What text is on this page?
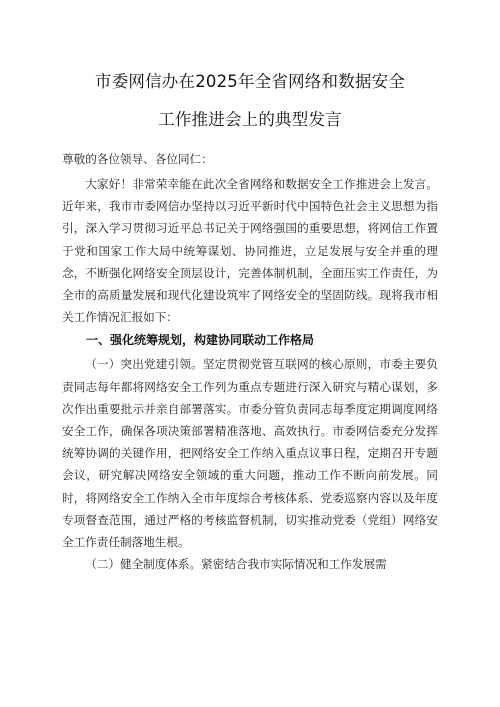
市委网信办在2025年全省网络和数据安全
工作推进会上的典型发言
尊敬的各位领导、各位同仁：

大家好！非常荣幸能在此次全省网络和数据安全工作推进会上发言。近年来，我市市委网信办坚持以习近平新时代中国特色社会主义思想为指引，深入学习贯彻习近平总书记关于网络强国的重要思想，将网信工作置于党和国家工作大局中统筹谋划、协同推进，立足发展与安全并重的理念，不断强化网络安全顶层设计，完善体制机制，全面压实工作责任，为全市的高质量发展和现代化建设筑牢了网络安全的坚固防线。现将我市相关工作情况汇报如下：

一、强化统筹规划，构建协同联动工作格局

（一）突出党建引领。坚定贯彻党管互联网的核心原则，市委主要负责同志每年都将网络安全工作列为重点专题进行深入研究与精心谋划，多次作出重要批示并亲自部署落实。市委分管负责同志每季度定期调度网络安全工作，确保各项决策部署精准落地、高效执行。市委网信委充分发挥统筹协调的关键作用，把网络安全工作纳入重点议事日程，定期召开专题会议，研究解决网络安全领域的重大问题，推动工作不断向前发展。同时，将网络安全工作纳入全市年度综合考核体系、党委巡察内容以及年度专项督查范围，通过严格的考核监督机制，切实推动党委（党组）网络安全工作责任制落地生根。

（二）健全制度体系。紧密结合我市实际情况和工作发展需
